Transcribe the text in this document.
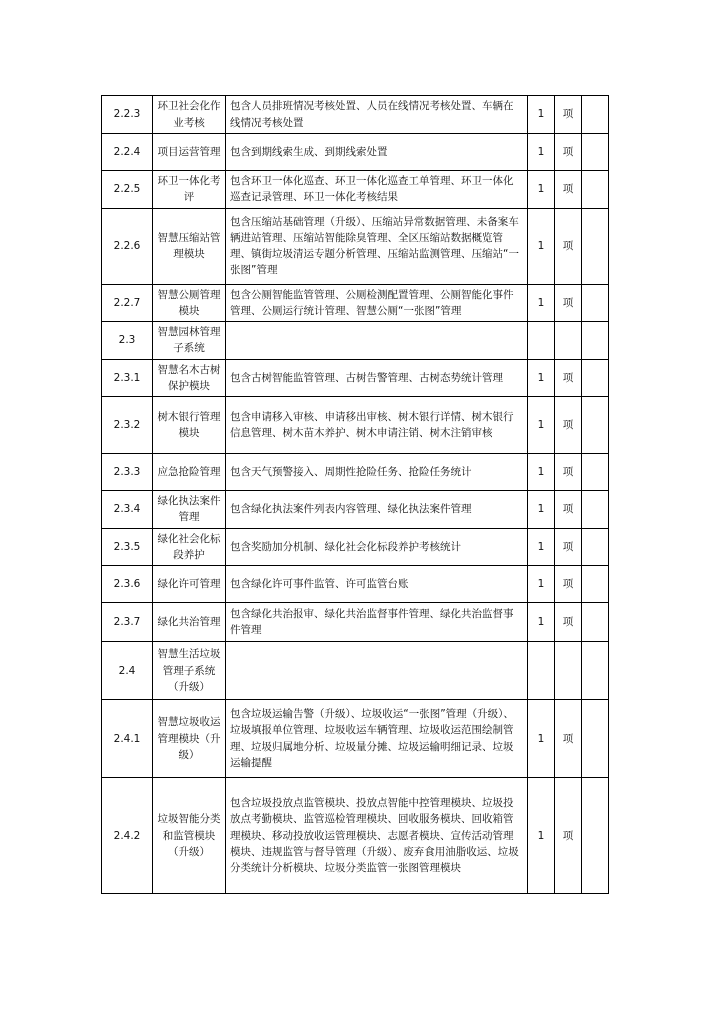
2.2.3	环卫社会化作业考核	包含人员排班情况考核处置、人员在线情况考核处置、车辆在线情况考核处置	1	项	
2.2.4	项目运营管理	包含到期线索生成、到期线索处置	1	项	
2.2.5	环卫一体化考评	包含环卫一体化巡查、环卫一体化巡查工单管理、环卫一体化巡查记录管理、环卫一体化考核结果	1	项	
2.2.6	智慧压缩站管理模块	包含压缩站基础管理（升级）、压缩站异常数据管理、未备案车辆进站管理、压缩站智能除臭管理、全区压缩站数据概览管理、镇街垃圾清运专题分析管理、压缩站监测管理、压缩站“一张图”管理	1	项	
2.2.7	智慧公厕管理模块	包含公厕智能监管管理、公厕检测配置管理、公厕智能化事件管理、公厕运行统计管理、智慧公厕“一张图”管理	1	项	
2.3	智慧园林管理子系统				
2.3.1	智慧名木古树保护模块	包含古树智能监管管理、古树告警管理、古树态势统计管理	1	项	
2.3.2	树木银行管理模块	包含申请移入审核、申请移出审核、树木银行详情、树木银行信息管理、树木苗木养护、树木申请注销、树木注销审核	1	项	
2.3.3	应急抢险管理	包含天气预警接入、周期性抢险任务、抢险任务统计	1	项	
2.3.4	绿化执法案件管理	包含绿化执法案件列表内容管理、绿化执法案件管理	1	项	
2.3.5	绿化社会化标段养护	包含奖励加分机制、绿化社会化标段养护考核统计	1	项	
2.3.6	绿化许可管理	包含绿化许可事件监管、许可监管台账	1	项	
2.3.7	绿化共治管理	包含绿化共治报审、绿化共治监督事件管理、绿化共治监督事件管理	1	项	
2.4	智慧生活垃圾管理子系统（升级）				
2.4.1	智慧垃圾收运管理模块（升级）	包含垃圾运输告警（升级）、垃圾收运“一张图”管理（升级）、垃圾填报单位管理、垃圾收运车辆管理、垃圾收运范围绘制管理、垃圾归属地分析、垃圾量分摊、垃圾运输明细记录、垃圾运输提醒	1	项	
2.4.2	垃圾智能分类和监管模块（升级）	包含垃圾投放点监管模块、投放点智能中控管理模块、垃圾投放点考勤模块、监管巡检管理模块、回收服务模块、回收箱管理模块、移动投放收运管理模块、志愿者模块、宣传活动管理模块、违规监管与督导管理（升级）、废弃食用油脂收运、垃圾分类统计分析模块、垃圾分类监管一张图管理模块	1	项	
